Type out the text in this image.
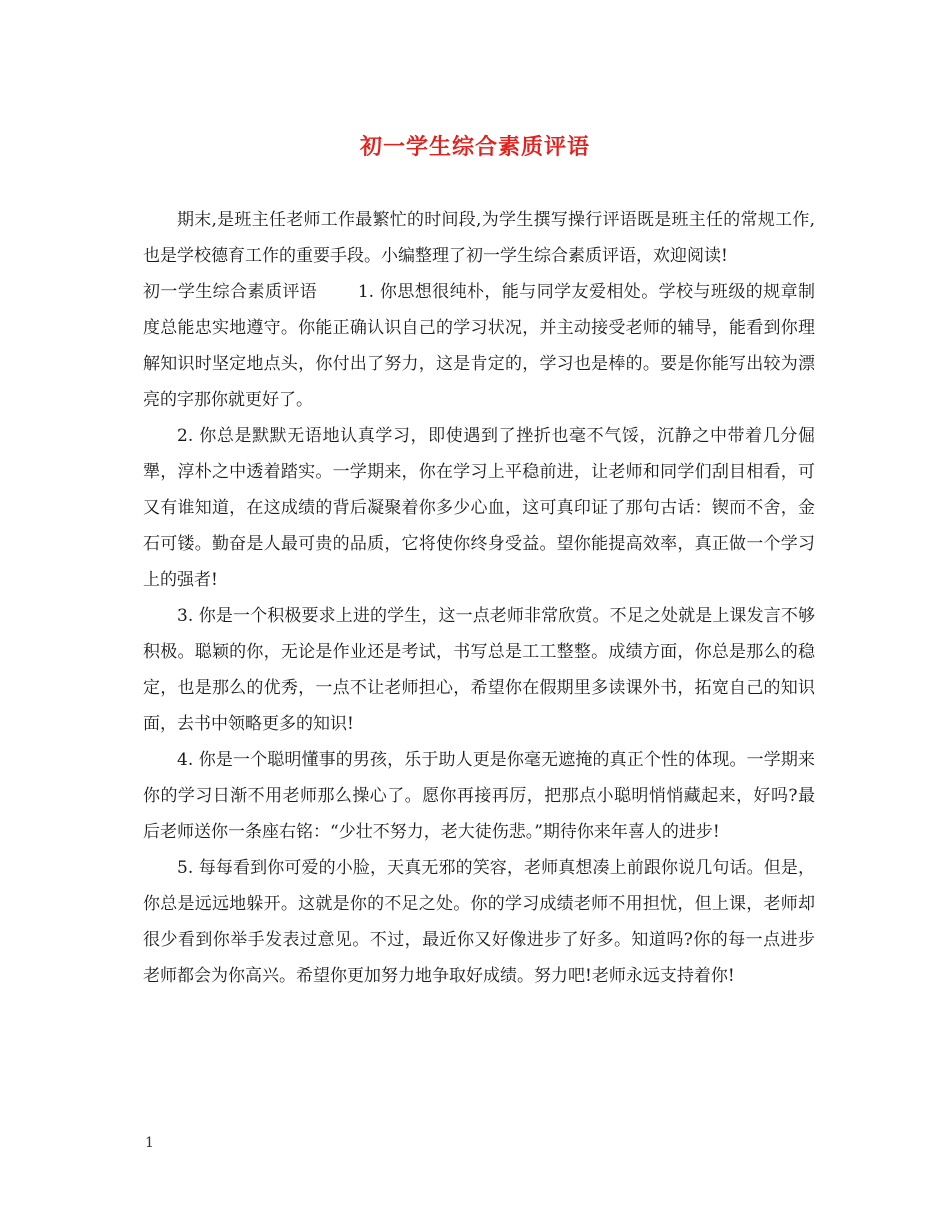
初一学生综合素质评语

期末,是班主任老师工作最繁忙的时间段,为学生撰写操行评语既是班主任的常规工作,也是学校德育工作的重要手段。小编整理了初一学生综合素质评语，欢迎阅读!

初一学生综合素质评语　　 1. 你思想很纯朴，能与同学友爱相处。学校与班级的规章制度总能忠实地遵守。你能正确认识自己的学习状况，并主动接受老师的辅导，能看到你理解知识时坚定地点头，你付出了努力，这是肯定的，学习也是棒的。要是你能写出较为漂亮的字那你就更好了。

2. 你总是默默无语地认真学习，即使遇到了挫折也毫不气馁，沉静之中带着几分倔犟，淳朴之中透着踏实。一学期来，你在学习上平稳前进，让老师和同学们刮目相看，可又有谁知道，在这成绩的背后凝聚着你多少心血，这可真印证了那句古话：锲而不舍，金石可镂。勤奋是人最可贵的品质，它将使你终身受益。望你能提高效率，真正做一个学习上的强者!

3. 你是一个积极要求上进的学生，这一点老师非常欣赏。不足之处就是上课发言不够积极。聪颖的你，无论是作业还是考试，书写总是工工整整。成绩方面，你总是那么的稳定，也是那么的优秀，一点不让老师担心，希望你在假期里多读课外书，拓宽自己的知识面，去书中领略更多的知识!

4. 你是一个聪明懂事的男孩，乐于助人更是你毫无遮掩的真正个性的体现。一学期来你的学习日渐不用老师那么操心了。愿你再接再厉，把那点小聪明悄悄藏起来，好吗?最后老师送你一条座右铭：“少壮不努力，老大徒伤悲。”期待你来年喜人的进步!

5. 每每看到你可爱的小脸，天真无邪的笑容，老师真想凑上前跟你说几句话。但是，你总是远远地躲开。这就是你的不足之处。你的学习成绩老师不用担忧，但上课，老师却很少看到你举手发表过意见。不过，最近你又好像进步了好多。知道吗?你的每一点进步老师都会为你高兴。希望你更加努力地争取好成绩。努力吧!老师永远支持着你!

1
